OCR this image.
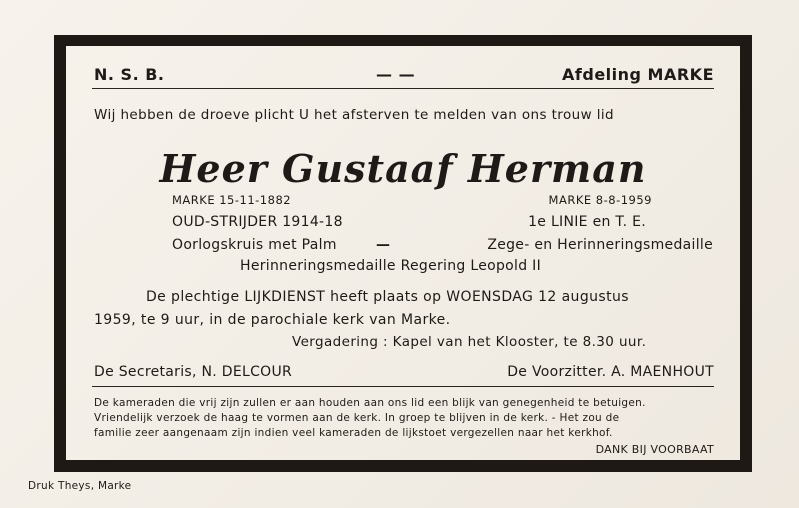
N. S. B.	— —	Afdeling MARKE
Wij hebben de droeve plicht U het afsterven te melden van ons trouw lid
Heer Gustaaf Herman
MARKE 15-11-1882	MARKE 8-8-1959
OUD-STRIJDER 1914-18	1e LINIE en T. E.
Oorlogskruis met Palm	—	Zege- en Herinneringsmedaille
Herinneringsmedaille Regering Leopold II
De plechtige LIJKDIENST heeft plaats op WOENSDAG 12 augustus
1959, te 9 uur, in de parochiale kerk van Marke.
Vergadering : Kapel van het Klooster, te 8.30 uur.
De Secretaris, N. DELCOUR	De Voorzitter. A. MAENHOUT
De kameraden die vrij zijn zullen er aan houden aan ons lid een blijk van genegenheid te betuigen.
Vriendelijk verzoek de haag te vormen aan de kerk. In groep te blijven in de kerk. - Het zou de
familie zeer aangenaam zijn indien veel kameraden de lijkstoet vergezellen naar het kerkhof.
DANK BIJ VOORBAAT
Druk Theys, Marke
